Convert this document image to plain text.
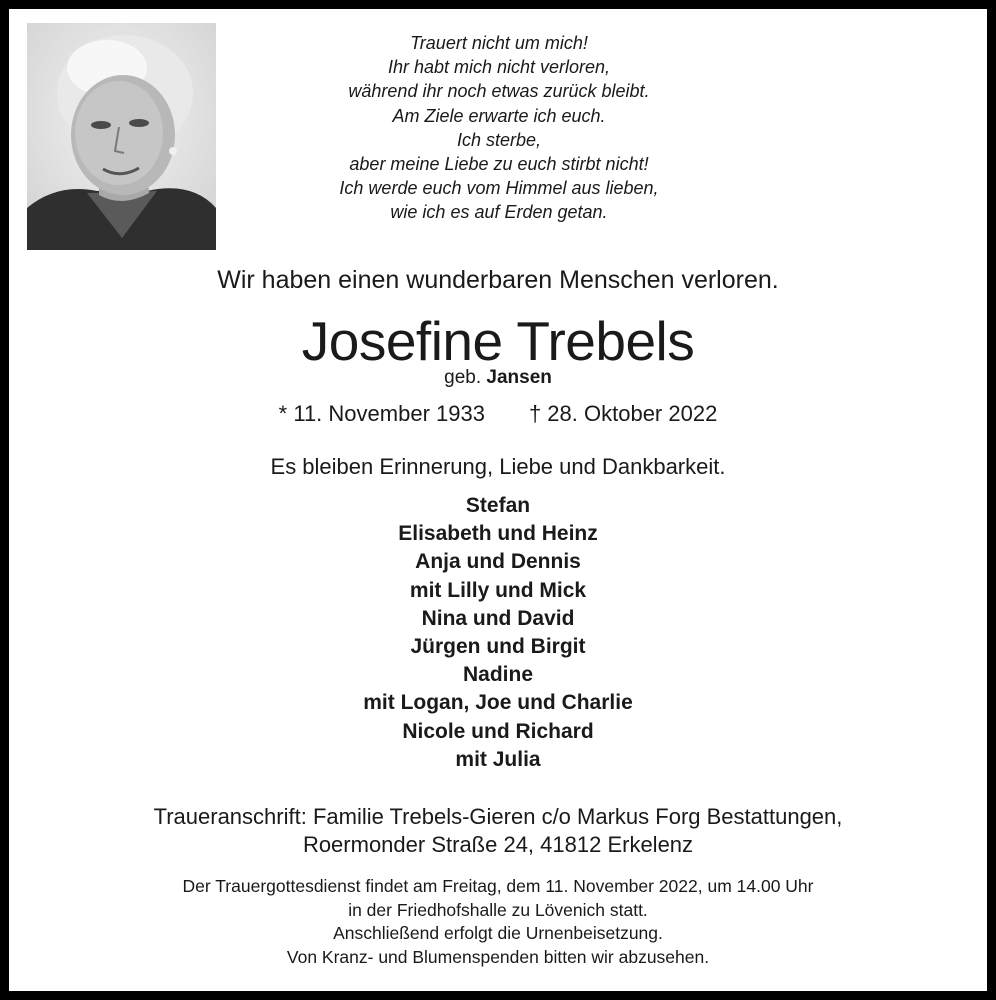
Trauert nicht um mich!
Ihr habt mich nicht verloren,
während ihr noch etwas zurück bleibt.
Am Ziele erwarte ich euch.
Ich sterbe,
aber meine Liebe zu euch stirbt nicht!
Ich werde euch vom Himmel aus lieben,
wie ich es auf Erden getan.
Wir haben einen wunderbaren Menschen verloren.
Josefine Trebels
geb. Jansen
* 11. November 1933 † 28. Oktober 2022
Es bleiben Erinnerung, Liebe und Dankbarkeit.
Stefan
Elisabeth und Heinz
Anja und Dennis
mit Lilly und Mick
Nina und David
Jürgen und Birgit
Nadine
mit Logan, Joe und Charlie
Nicole und Richard
mit Julia
Traueranschrift: Familie Trebels-Gieren c/o Markus Forg Bestattungen,
Roermonder Straße 24, 41812 Erkelenz
Der Trauergottesdienst findet am Freitag, dem 11. November 2022, um 14.00 Uhr
in der Friedhofshalle zu Lövenich statt.
Anschließend erfolgt die Urnenbeisetzung.
Von Kranz- und Blumenspenden bitten wir abzusehen.
